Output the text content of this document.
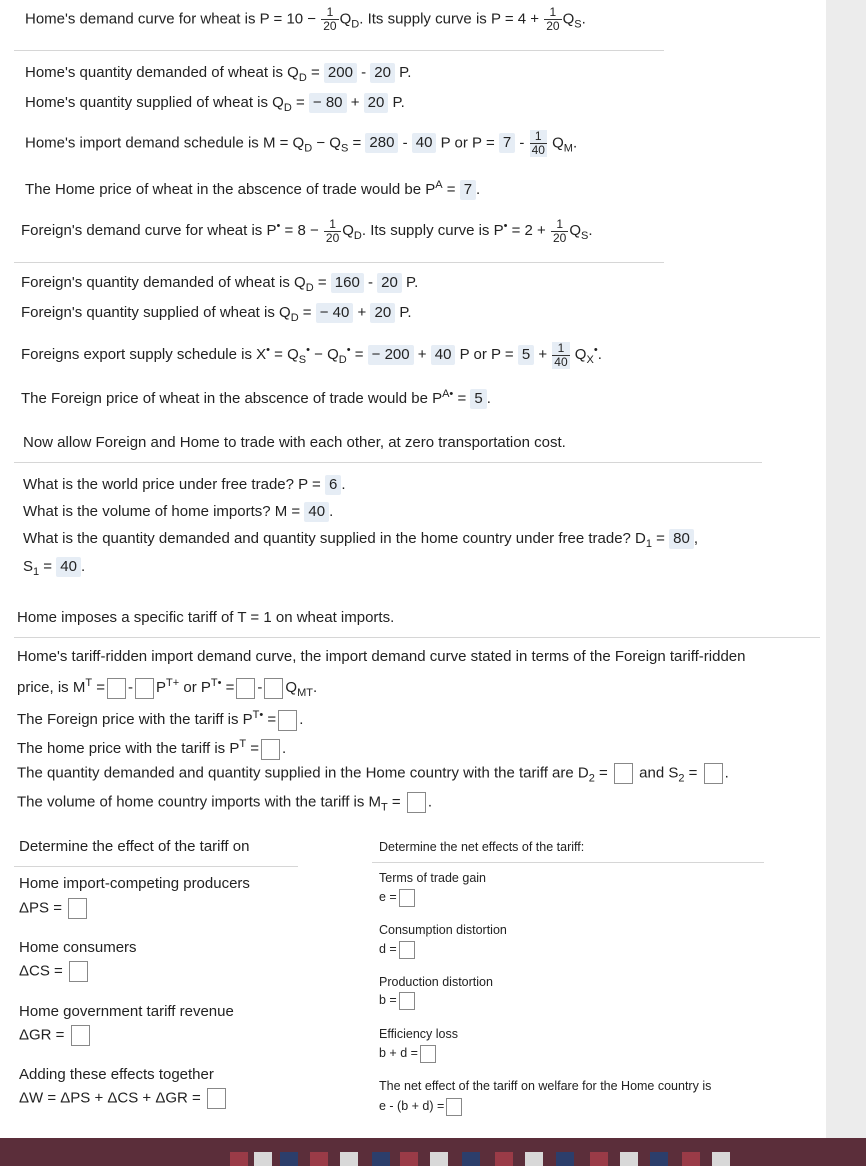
Home's demand curve for wheat is $P = 10 - \frac{1}{20} Q_D$. Its supply curve is $P = 4 + \frac{1}{20} Q_S$.
Home's quantity demanded of wheat is $Q_D = 200 - 20$ P.
Home's quantity supplied of wheat is $Q_D$ = − 80 + 20 P.
Home's import demand schedule is $M = Q_D - Q_S = 280 - 40$ P or $P = 7 - \frac{1}{40} Q_M$.
The Home price of wheat in the abscence of trade would be $P^A = 7$ .
Foreign's demand curve for wheat is $P^• = 8 - \frac{1}{20} Q_D$. Its supply curve is $P^• = 2 + \frac{1}{20} Q_S$.
Foreign's quantity demanded of wheat is $Q_D = 160 - 20$ P.
Foreign's quantity supplied of wheat is $Q_D$ = − 40 + 20 P.
Foreigns export supply schedule is $X^• = Q_S^• - Q_D^•$ = − 200 + 40 P or $P = 5 + \frac{1}{40} Q_X^•$.
The Foreign price of wheat in the abscence of trade would be $P^{A•} = 5$ .
Now allow Foreign and Home to trade with each other, at zero transportation cost.
What is the world price under free trade? P = 6 .
What is the volume of home imports? M = 40 .
What is the quantity demanded and quantity supplied in the home country under free trade? $D_1 = 80$ ,
$S_1 = 40$ .
Home imposes a specific tariff of T = 1 on wheat imports.
Home's tariff-ridden import demand curve, the import demand curve stated in terms of the Foreign tariff-ridden
price, is $M^T$ = - $P^{T+}$ or $P^{T•}$ = - $Q_{MT}$.
The Foreign price with the tariff is $P^{T•}$ = .
The home price with the tariff is $P^T$ = .
The quantity demanded and quantity supplied in the Home country with the tariff are $D_2$ =  and $S_2$ = .
The volume of home country imports with the tariff is $M_T$ = .
Determine the effect of the tariff on
Home import-competing producers
ΔPS =
Home consumers
ΔCS =
Home government tariff revenue
ΔGR =
Adding these effects together
ΔW = ΔPS + ΔCS + ΔGR =
Determine the net effects of the tariff:
Terms of trade gain
e =
Consumption distortion
d =
Production distortion
b =
Efficiency loss
b + d =
The net effect of the tariff on welfare for the Home country is
e - (b + d) =
